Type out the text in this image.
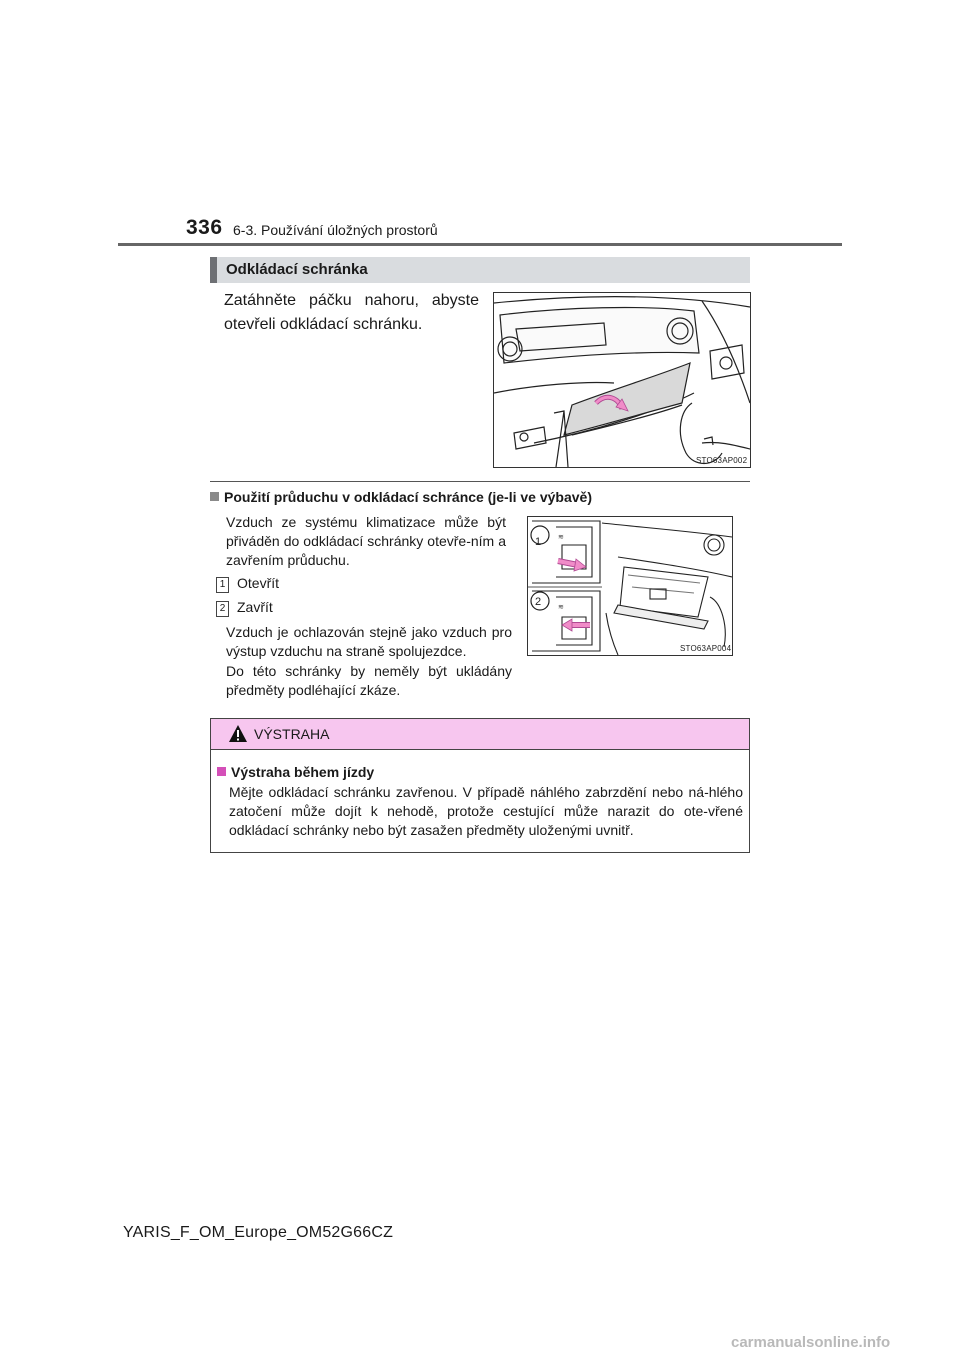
336 6-3. Používání úložných prostorů
Odkládací schránka
Zatáhněte páčku nahoru, abyste otevřeli odkládací schránku.
STO63AP002
Použití průduchu v odkládací schránce (je-li ve výbavě)
Vzduch ze systému klimatizace může být přiváděn do odkládací schránky otevře-ním a zavřením průduchu.
1 Otevřít
2 Zavřít
Vzduch je ochlazován stejně jako vzduch pro výstup vzduchu na straně spolujezdce.
Do této schránky by neměly být ukládány předměty podléhající zkáze.
≋
≋
1
2
STO63AP004
VÝSTRAHA
Výstraha během jízdy
Mějte odkládací schránku zavřenou. V případě náhlého zabrzdění nebo ná-hlého zatočení může dojít k nehodě, protože cestující může narazit do ote-vřené odkládací schránky nebo být zasažen předměty uloženými uvnitř.
YARIS_F_OM_Europe_OM52G66CZ
carmanualsonline.info
